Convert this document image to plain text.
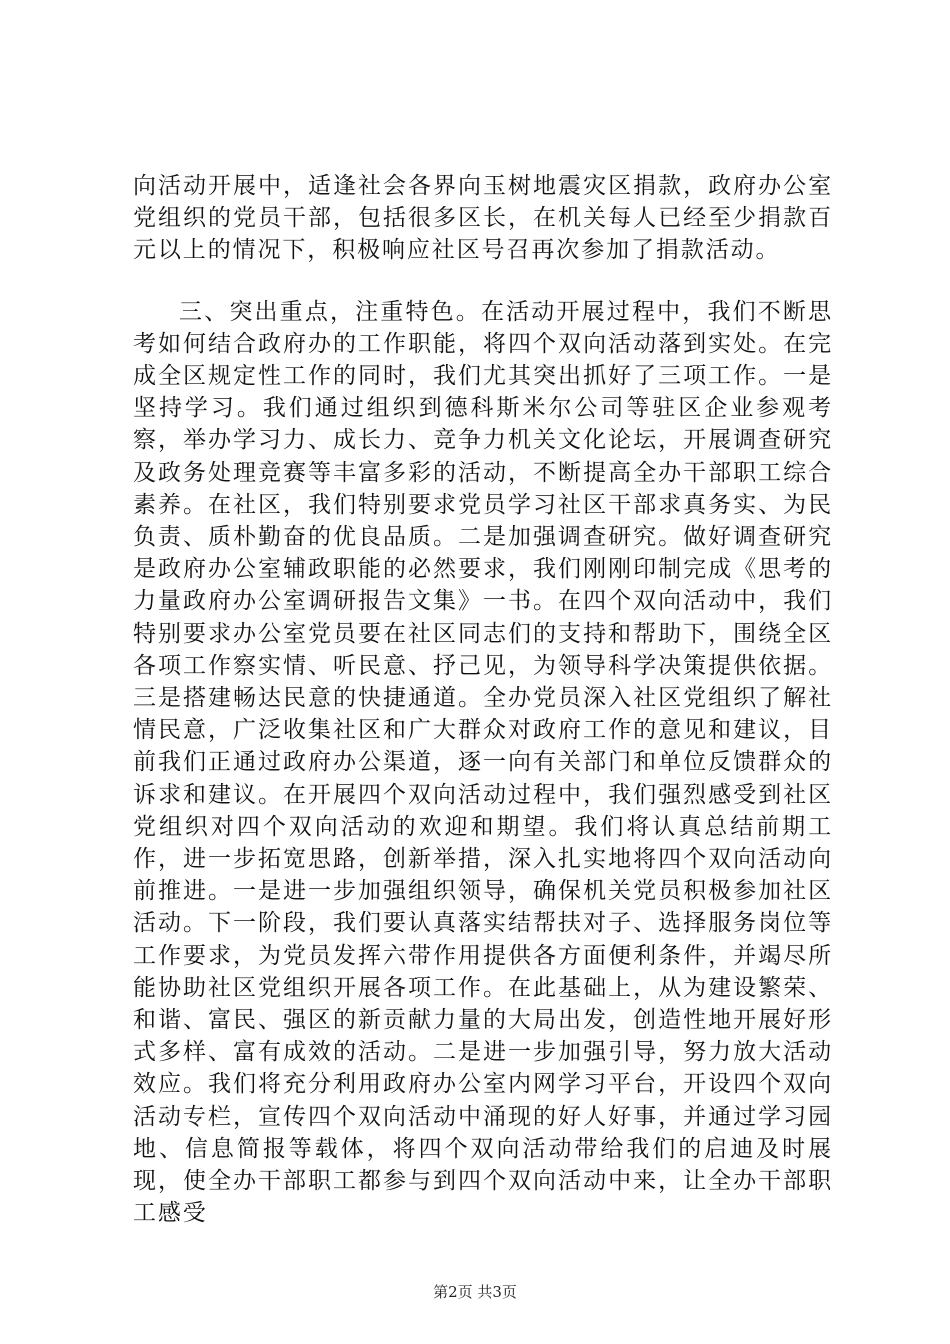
向活动开展中，适逢社会各界向玉树地震灾区捐款，政府办公室党组织的党员干部，包括很多区长，在机关每人已经至少捐款百元以上的情况下，积极响应社区号召再次参加了捐款活动。

三、突出重点，注重特色。在活动开展过程中，我们不断思考如何结合政府办的工作职能，将四个双向活动落到实处。在完成全区规定性工作的同时，我们尤其突出抓好了三项工作。一是坚持学习。我们通过组织到德科斯米尔公司等驻区企业参观考察，举办学习力、成长力、竞争力机关文化论坛，开展调查研究及政务处理竞赛等丰富多彩的活动，不断提高全办干部职工综合素养。在社区，我们特别要求党员学习社区干部求真务实、为民负责、质朴勤奋的优良品质。二是加强调查研究。做好调查研究是政府办公室辅政职能的必然要求，我们刚刚印制完成《思考的力量政府办公室调研报告文集》一书。在四个双向活动中，我们特别要求办公室党员要在社区同志们的支持和帮助下，围绕全区各项工作察实情、听民意、抒己见，为领导科学决策提供依据。三是搭建畅达民意的快捷通道。全办党员深入社区党组织了解社情民意，广泛收集社区和广大群众对政府工作的意见和建议，目前我们正通过政府办公渠道，逐一向有关部门和单位反馈群众的诉求和建议。在开展四个双向活动过程中，我们强烈感受到社区党组织对四个双向活动的欢迎和期望。我们将认真总结前期工作，进一步拓宽思路，创新举措，深入扎实地将四个双向活动向前推进。一是进一步加强组织领导，确保机关党员积极参加社区活动。下一阶段，我们要认真落实结帮扶对子、选择服务岗位等工作要求，为党员发挥六带作用提供各方面便利条件，并竭尽所能协助社区党组织开展各项工作。在此基础上，从为建设繁荣、和谐、富民、强区的新贡献力量的大局出发，创造性地开展好形式多样、富有成效的活动。二是进一步加强引导，努力放大活动效应。我们将充分利用政府办公室内网学习平台，开设四个双向活动专栏，宣传四个双向活动中涌现的好人好事，并通过学习园地、信息简报等载体，将四个双向活动带给我们的启迪及时展现，使全办干部职工都参与到四个双向活动中来，让全办干部职工感受

第2页 共3页
